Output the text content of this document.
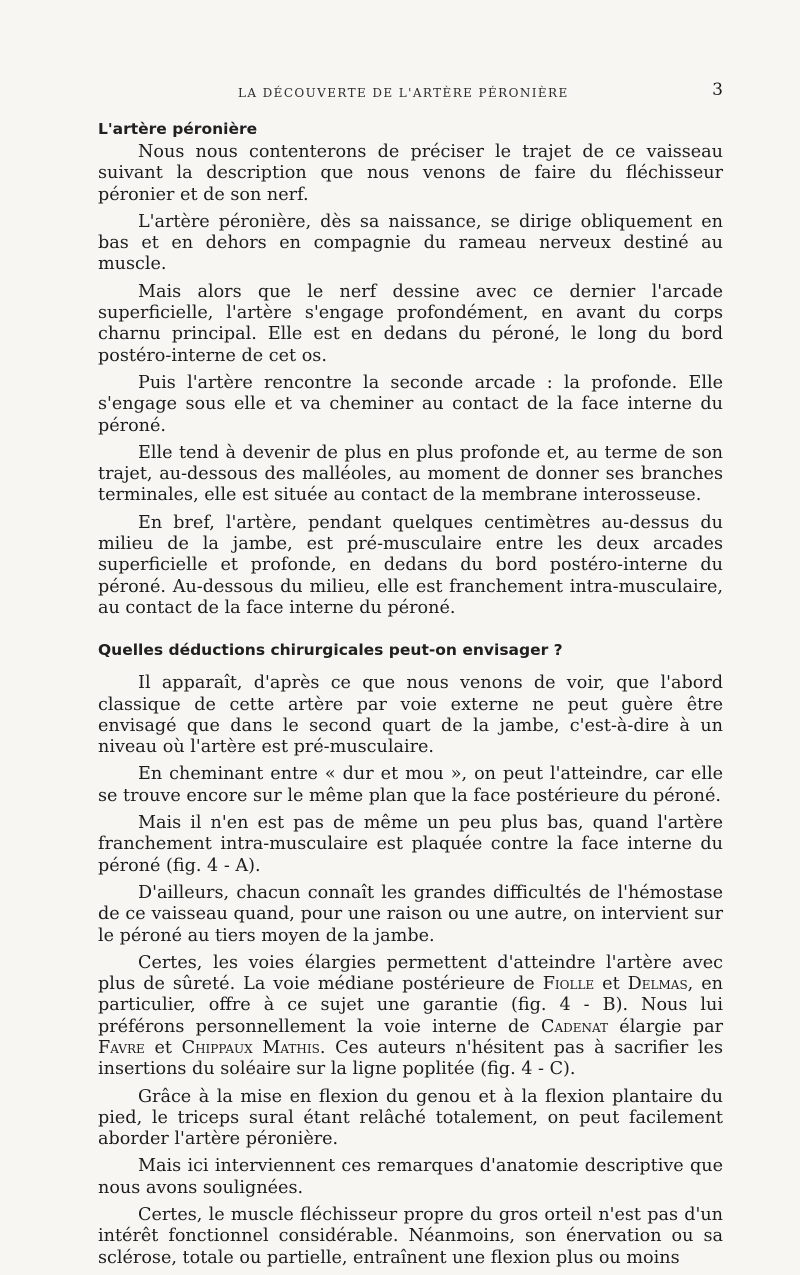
LA DÉCOUVERTE DE L'ARTÈRE PÉRONIÈRE	3
L'artère péronière

Nous nous contenterons de préciser le trajet de ce vaisseau suivant la description que nous venons de faire du fléchisseur péronier et de son nerf.

L'artère péronière, dès sa naissance, se dirige obliquement en bas et en dehors en compagnie du rameau nerveux destiné au muscle.

Mais alors que le nerf dessine avec ce dernier l'arcade superficielle, l'artère s'engage profondément, en avant du corps charnu principal. Elle est en dedans du péroné, le long du bord postéro-interne de cet os.

Puis l'artère rencontre la seconde arcade : la profonde. Elle s'engage sous elle et va cheminer au contact de la face interne du péroné.

Elle tend à devenir de plus en plus profonde et, au terme de son trajet, au-dessous des malléoles, au moment de donner ses branches terminales, elle est située au contact de la membrane interosseuse.

En bref, l'artère, pendant quelques centimètres au-dessus du milieu de la jambe, est pré-musculaire entre les deux arcades superficielle et profonde, en dedans du bord postéro-interne du péroné. Au-dessous du milieu, elle est franchement intra-musculaire, au contact de la face interne du péroné.

Quelles déductions chirurgicales peut-on envisager ?

Il apparaît, d'après ce que nous venons de voir, que l'abord classique de cette artère par voie externe ne peut guère être envisagé que dans le second quart de la jambe, c'est-à-dire à un niveau où l'artère est pré-musculaire.

En cheminant entre « dur et mou », on peut l'atteindre, car elle se trouve encore sur le même plan que la face postérieure du péroné.

Mais il n'en est pas de même un peu plus bas, quand l'artère franchement intra-musculaire est plaquée contre la face interne du péroné (fig. 4 - A).

D'ailleurs, chacun connaît les grandes difficultés de l'hémostase de ce vaisseau quand, pour une raison ou une autre, on intervient sur le péroné au tiers moyen de la jambe.

Certes, les voies élargies permettent d'atteindre l'artère avec plus de sûreté. La voie médiane postérieure de Fiolle et Delmas, en particulier, offre à ce sujet une garantie (fig. 4 - B). Nous lui préférons personnellement la voie interne de Cadenat élargie par Favre et Chippaux Mathis. Ces auteurs n'hésitent pas à sacrifier les insertions du soléaire sur la ligne poplitée (fig. 4 - C).

Grâce à la mise en flexion du genou et à la flexion plantaire du pied, le triceps sural étant relâché totalement, on peut facilement aborder l'artère péronière.

Mais ici interviennent ces remarques d'anatomie descriptive que nous avons soulignées.

Certes, le muscle fléchisseur propre du gros orteil n'est pas d'un intérêt fonctionnel considérable. Néanmoins, son énervation ou sa sclérose, totale ou partielle, entraînent une flexion plus ou moins
